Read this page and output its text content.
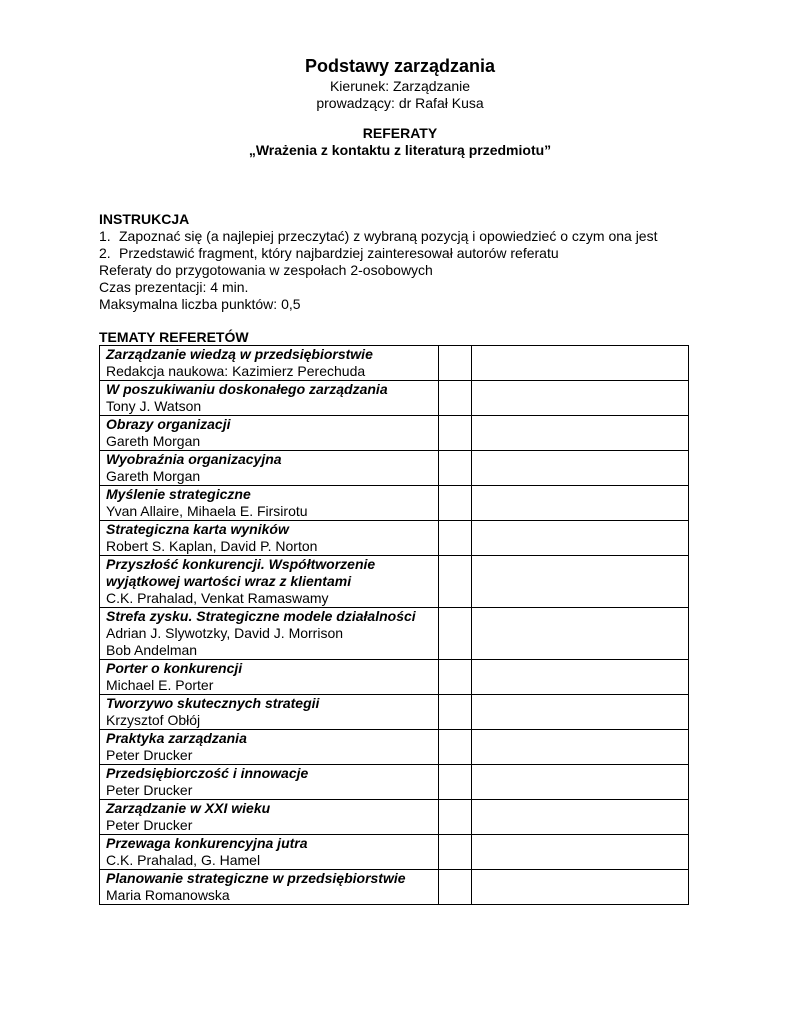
Podstawy zarządzania
Kierunek: Zarządzanie
prowadzący: dr Rafał Kusa
REFERATY
„Wrażenia z kontaktu z literaturą przedmiotu”
INSTRUKCJA
1. Zapoznać się (a najlepiej przeczytać) z wybraną pozycją i opowiedzieć o czym ona jest
2. Przedstawić fragment, który najbardziej zainteresował autorów referatu
Referaty do przygotowania w zespołach 2-osobowych
Czas prezentacji: 4 min.
Maksymalna liczba punktów: 0,5
TEMATY REFERETÓW
Zarządzanie wiedzą w przedsiębiorstwie
Redakcja naukowa: Kazimierz Perechuda		

W poszukiwaniu doskonałego zarządzania
Tony J. Watson		

Obrazy organizacji
Gareth Morgan		

Wyobraźnia organizacyjna
Gareth Morgan		

Myślenie strategiczne
Yvan Allaire, Mihaela E. Firsirotu		

Strategiczna karta wyników
Robert S. Kaplan, David P. Norton		

Przyszłość konkurencji. Współtworzenie
wyjątkowej wartości wraz z klientami
C.K. Prahalad, Venkat Ramaswamy		

Strefa zysku. Strategiczne modele działalności
Adrian J. Slywotzky, David J. Morrison
Bob Andelman		

Porter o konkurencji
Michael E. Porter		

Tworzywo skutecznych strategii
Krzysztof Obłój		

Praktyka zarządzania
Peter Drucker		

Przedsiębiorczość i innowacje
Peter Drucker		

Zarządzanie w XXI wieku
Peter Drucker		

Przewaga konkurencyjna jutra
C.K. Prahalad, G. Hamel		

Planowanie strategiczne w przedsiębiorstwie
Maria Romanowska		
